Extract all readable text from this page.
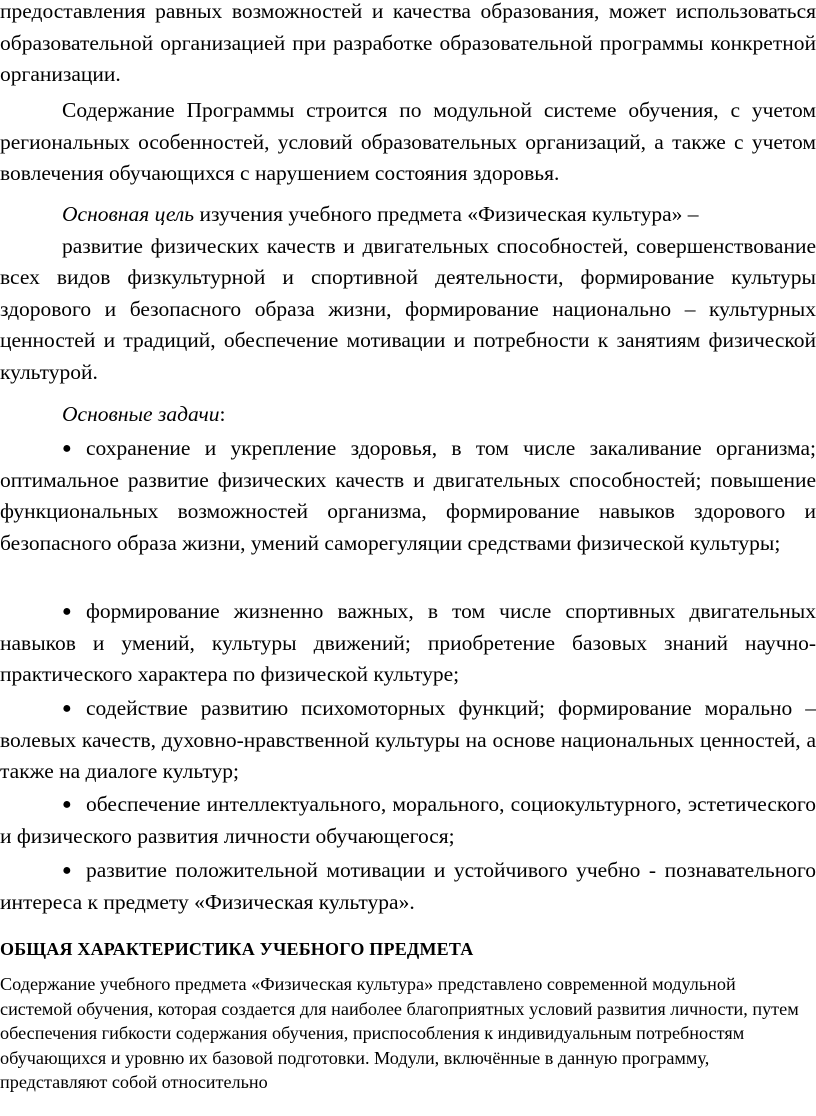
предоставления равных возможностей и качества образования, может использоваться образовательной организацией при разработке образовательной программы конкретной организации.

Содержание Программы строится по модульной системе обучения, с учетом региональных особенностей, условий образовательных организаций, а также с учетом вовлечения обучающихся с нарушением состояния здоровья.

Основная цель изучения учебного предмета «Физическая культура» –
развитие физических качеств и двигательных способностей, совершенствование всех видов физкультурной и спортивной деятельности, формирование культуры здорового и безопасного образа жизни, формирование национально – культурных ценностей и традиций, обеспечение мотивации и потребности к занятиям физической культурой.

Основные задачи:

● сохранение и укрепление здоровья, в том числе закаливание организма; оптимальное развитие физических качеств и двигательных способностей; повышение функциональных возможностей организма, формирование навыков здорового и безопасного образа жизни, умений саморегуляции средствами физической культуры;

● формирование жизненно важных, в том числе спортивных двигательных навыков и умений, культуры движений; приобретение базовых знаний научно-практического характера по физической культуре;

● содействие развитию психомоторных функций; формирование морально – волевых качеств, духовно-нравственной культуры на основе национальных ценностей, а также на диалоге культур;

● обеспечение интеллектуального, морального, социокультурного, эстетического и физического развития личности обучающегося;

● развитие положительной мотивации и устойчивого учебно - познавательного интереса к предмету «Физическая культура».

ОБЩАЯ ХАРАКТЕРИСТИКА УЧЕБНОГО ПРЕДМЕТА

Содержание учебного предмета «Физическая культура» представлено современной модульной системой обучения, которая создается для наиболее благоприятных условий развития личности, путем обеспечения гибкости содержания обучения, приспособления к индивидуальным потребностям обучающихся и уровню их базовой подготовки. Модули, включённые в данную программу, представляют собой относительно
